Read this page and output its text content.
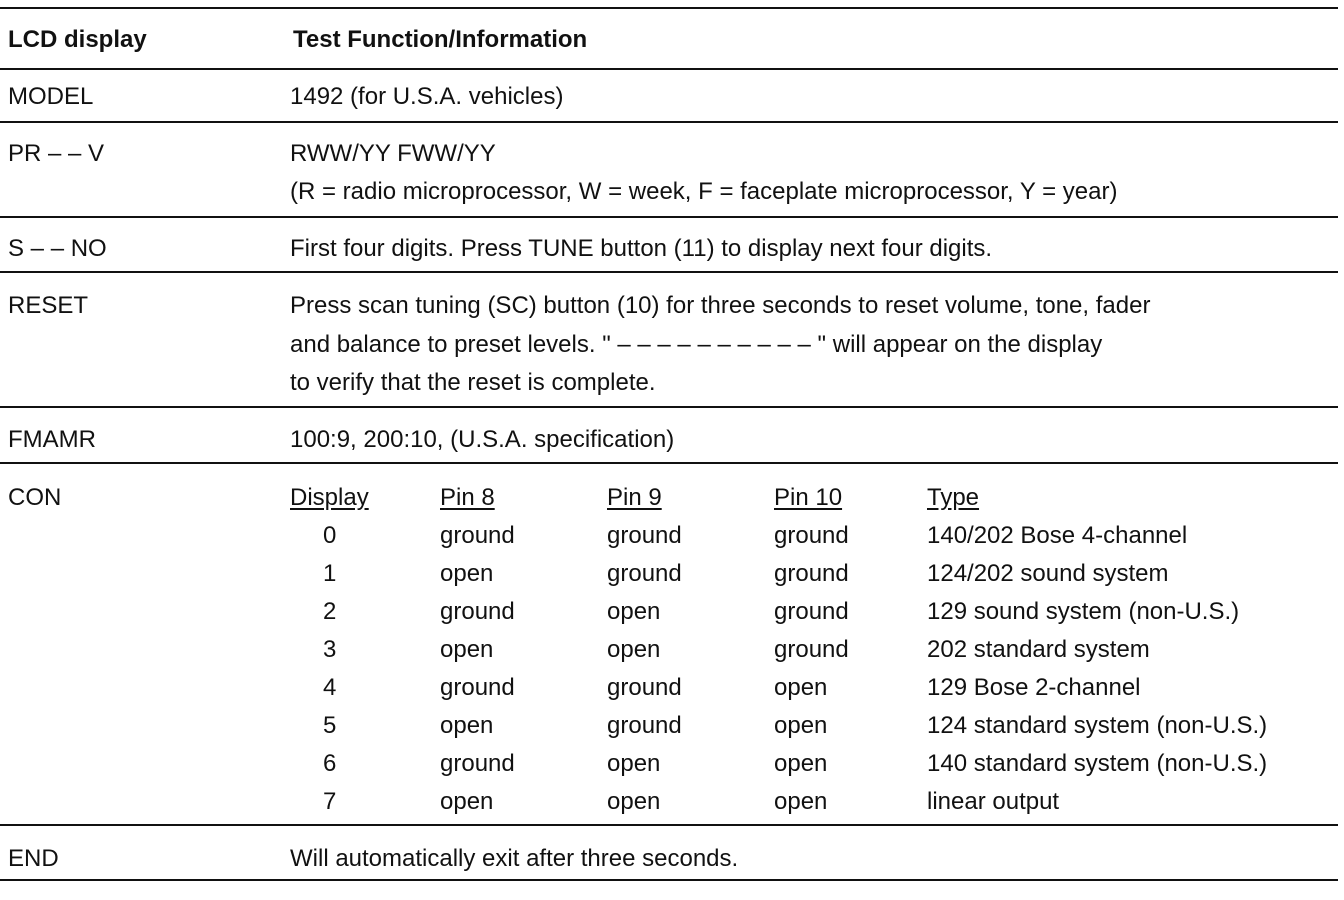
LCD display	Test Function/Information
MODEL	1492 (for U.S.A. vehicles)
PR – – V	RWW/YY FWW/YY
(R = radio microprocessor, W = week, F = faceplate microprocessor, Y = year)
S – – NO	First four digits. Press TUNE button (11) to display next four digits.
RESET	Press scan tuning (SC) button (10) for three seconds to reset volume, tone, fader
and balance to preset levels. " – – – – – – – – – – " will appear on the display
to verify that the reset is complete.
FMAMR	100:9, 200:10, (U.S.A. specification)
CON	Display	Pin 8	Pin 9	Pin 10	Type
0	ground	ground	ground	140/202 Bose 4-channel
1	open	ground	ground	124/202 sound system
2	ground	open	ground	129 sound system (non-U.S.)
3	open	open	ground	202 standard system
4	ground	ground	open	129 Bose 2-channel
5	open	ground	open	124 standard system (non-U.S.)
6	ground	open	open	140 standard system (non-U.S.)
7	open	open	open	linear output
END	Will automatically exit after three seconds.
